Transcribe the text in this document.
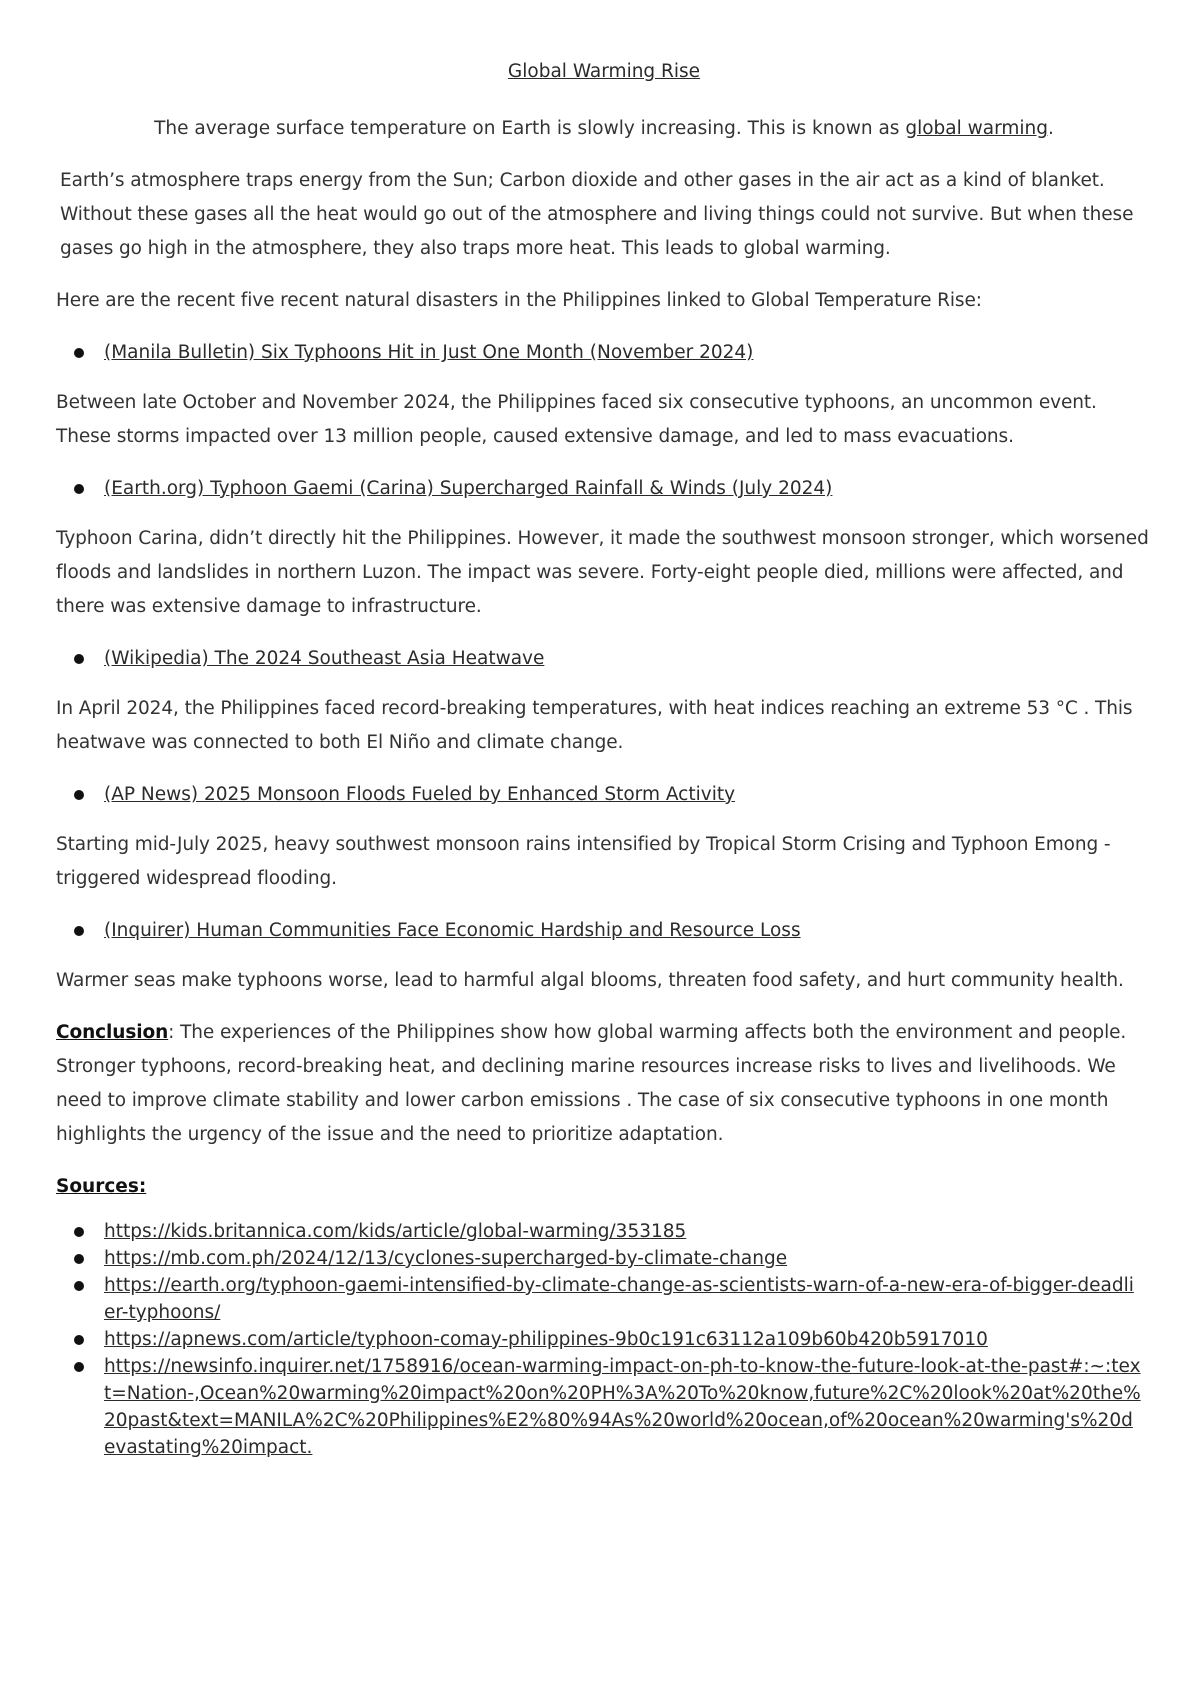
Global Warming Rise
The average surface temperature on Earth is slowly increasing. This is known as global warming.

Earth’s atmosphere traps energy from the Sun; Carbon dioxide and other gases in the air act as a kind of blanket. Without these gases all the heat would go out of the atmosphere and living things could not survive. But when these gases go high in the atmosphere, they also traps more heat. This leads to global warming.

Here are the recent five recent natural disasters in the Philippines linked to Global Temperature Rise:

(Manila Bulletin) Six Typhoons Hit in Just One Month (November 2024)

Between late October and November 2024, the Philippines faced six consecutive typhoons, an uncommon event. These storms impacted over 13 million people, caused extensive damage, and led to mass evacuations.

(Earth.org) Typhoon Gaemi (Carina) Supercharged Rainfall & Winds (July 2024)

Typhoon Carina, didn’t directly hit the Philippines. However, it made the southwest monsoon stronger, which worsened floods and landslides in northern Luzon. The impact was severe. Forty-eight people died, millions were affected, and there was extensive damage to infrastructure.

(Wikipedia) The 2024 Southeast Asia Heatwave

In April 2024, the Philippines faced record-breaking temperatures, with heat indices reaching an extreme 53 °C . This heatwave was connected to both El Niño and climate change.

(AP News) 2025 Monsoon Floods Fueled by Enhanced Storm Activity

Starting mid-July 2025, heavy southwest monsoon rains intensified by Tropical Storm Crising and Typhoon Emong -triggered widespread flooding.

(Inquirer) Human Communities Face Economic Hardship and Resource Loss

Warmer seas make typhoons worse, lead to harmful algal blooms, threaten food safety, and hurt community health.

Conclusion: The experiences of the Philippines show how global warming affects both the environment and people. Stronger typhoons, record-breaking heat, and declining marine resources increase risks to lives and livelihoods. We need to improve climate stability and lower carbon emissions . The case of six consecutive typhoons in one month highlights the urgency of the issue and the need to prioritize adaptation.

Sources:
https://kids.britannica.com/kids/article/global-warming/353185
https://mb.com.ph/2024/12/13/cyclones-supercharged-by-climate-change
https://earth.org/typhoon-gaemi-intensified-by-climate-change-as-scientists-warn-of-a-new-era-of-bigger-deadlier-typhoons/
https://apnews.com/article/typhoon-comay-philippines-9b0c191c63112a109b60b420b5917010
https://newsinfo.inquirer.net/1758916/ocean-warming-impact-on-ph-to-know-the-future-look-at-the-past#:~:text=Nation-,Ocean%20warming%20impact%20on%20PH%3A%20To%20know,future%2C%20look%20at%20the%20past&text=MANILA%2C%20Philippines%E2%80%94As%20world%20ocean,of%20ocean%20warming's%20devastating%20impact.
